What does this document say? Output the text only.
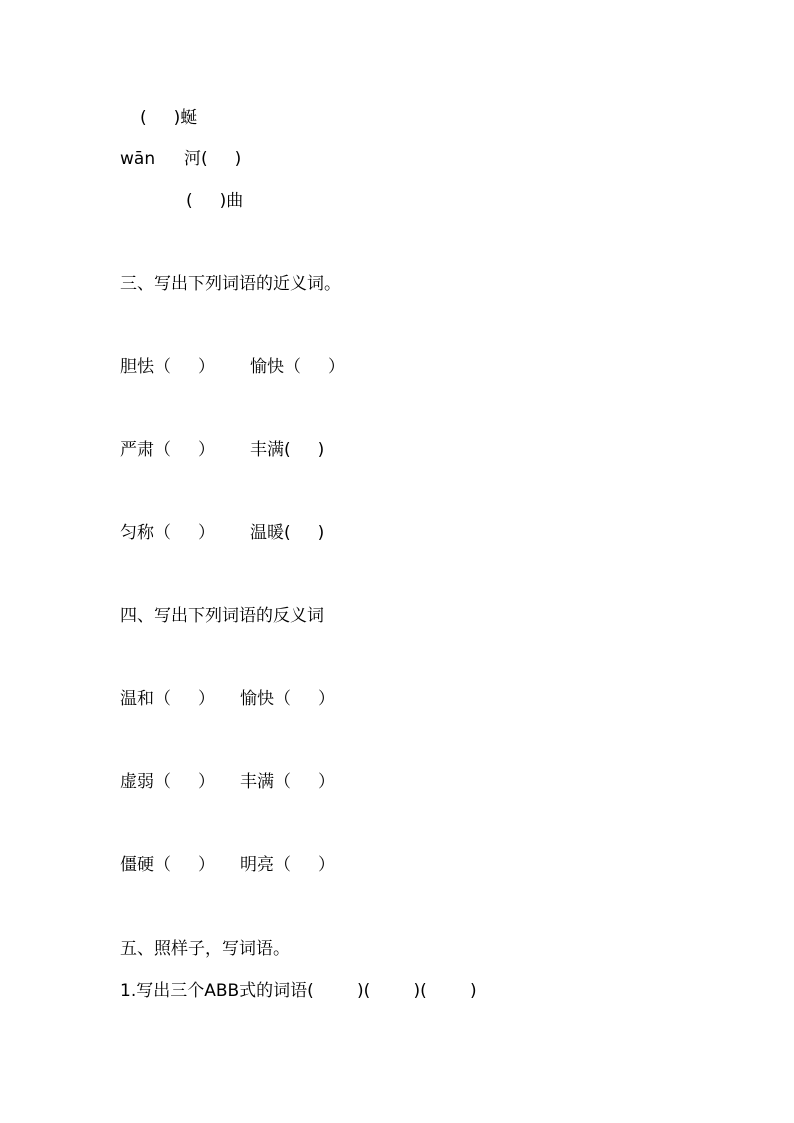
(     )蜒
wān 河(     )
(     )曲
三、写出下列词语的近义词。
胆怯（     ） 愉快（     ）
严肃（     ） 丰满(     )
匀称（     ） 温暖(     )
四、写出下列词语的反义词
温和（     ） 愉快（     ）
虚弱（     ） 丰满（     ）
僵硬（     ） 明亮（     ）
五、照样子，写词语。
1.写出三个ABB式的词语(        )(        )(        )
